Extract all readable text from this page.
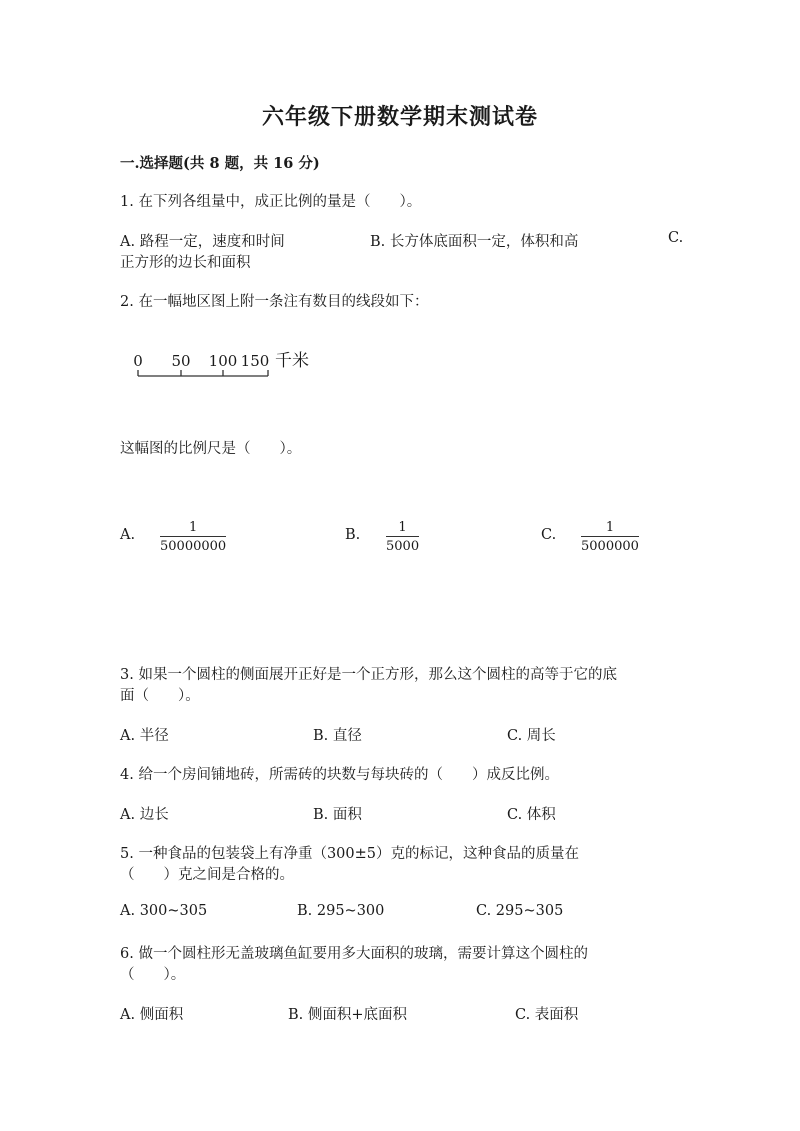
六年级下册数学期末测试卷
一.选择题(共 8 题，共 16 分)
1. 在下列各组量中，成正比例的量是（　　）。
A. 路程一定，速度和时间	B. 长方体底面积一定，体积和高	C.
正方形的边长和面积
2. 在一幅地区图上附一条注有数目的线段如下：
0 50 100 150 千米
这幅图的比例尺是（　　）。
A. $\frac{1}{50000000}$	B. $\frac{1}{5000}$	C. $\frac{1}{5000000}$
3. 如果一个圆柱的侧面展开正好是一个正方形，那么这个圆柱的高等于它的底
面（　　）。
A. 半径	B. 直径	C. 周长
4. 给一个房间铺地砖，所需砖的块数与每块砖的（　　）成反比例。
A. 边长	B. 面积	C. 体积
5. 一种食品的包装袋上有净重（300±5）克的标记，这种食品的质量在
（　　）克之间是合格的。
A. 300~305	B. 295~300	C. 295~305
6. 做一个圆柱形无盖玻璃鱼缸要用多大面积的玻璃，需要计算这个圆柱的
（　　）。
A. 侧面积	B. 侧面积+底面积	C. 表面积
